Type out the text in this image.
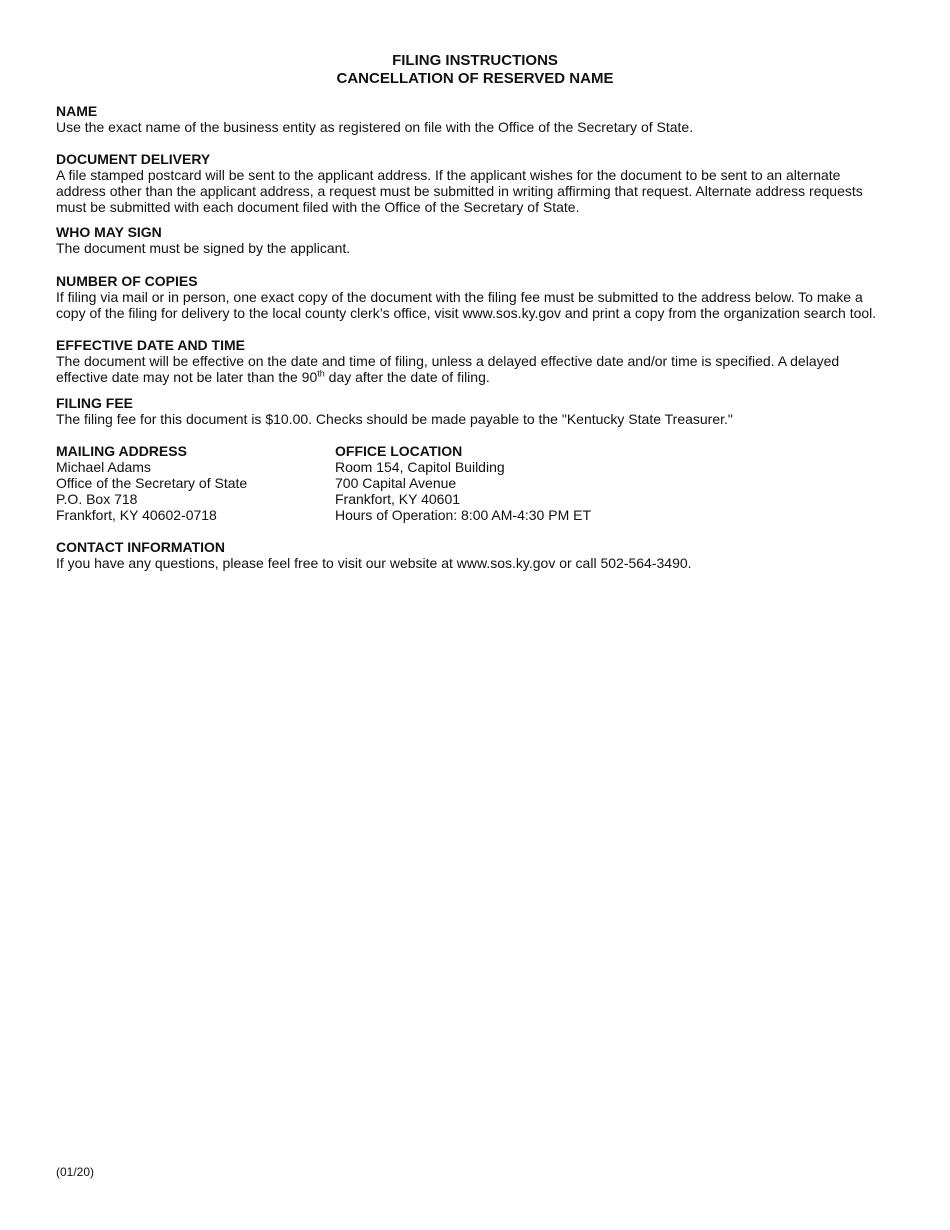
FILING INSTRUCTIONS
CANCELLATION OF RESERVED NAME

NAME

Use the exact name of the business entity as registered on file with the Office of the Secretary of State.

DOCUMENT DELIVERY

A file stamped postcard will be sent to the applicant address. If the applicant wishes for the document to be sent to an alternate

address other than the applicant address, a request must be submitted in writing affirming that request. Alternate address requests

must be submitted with each document filed with the Office of the Secretary of State.

WHO MAY SIGN

The document must be signed by the applicant.

NUMBER OF COPIES

If filing via mail or in person, one exact copy of the document with the filing fee must be submitted to the address below. To make a

copy of the filing for delivery to the local county clerk’s office, visit www.sos.ky.gov and print a copy from the organization search tool.

EFFECTIVE DATE AND TIME

The document will be effective on the date and time of filing, unless a delayed effective date and/or time is specified. A delayed

effective date may not be later than the 90th day after the date of filing.

FILING FEE

The filing fee for this document is $10.00. Checks should be made payable to the "Kentucky State Treasurer."

MAILING ADDRESS

Michael Adams

Office of the Secretary of State

P.O. Box 718

Frankfort, KY 40602-0718

OFFICE LOCATION

Room 154, Capitol Building

700 Capital Avenue

Frankfort, KY 40601

Hours of Operation: 8:00 AM-4:30 PM ET

CONTACT INFORMATION

If you have any questions, please feel free to visit our website at www.sos.ky.gov or call 502-564-3490.

(01/20)
